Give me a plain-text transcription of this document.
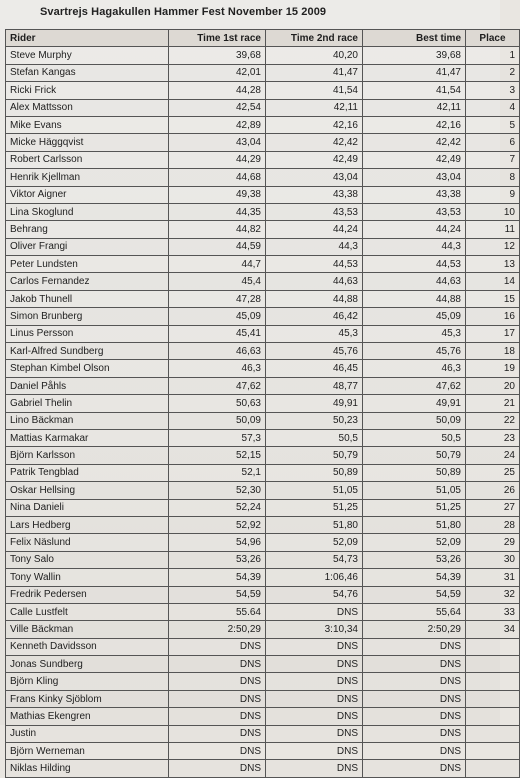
Svartrejs Hagakullen Hammer Fest November 15 2009
Rider	Time 1st race	Time 2nd race	Best time	Place
Steve Murphy	39,68	40,20	39,68	1
Stefan Kangas	42,01	41,47	41,47	2
Ricki Frick	44,28	41,54	41,54	3
Alex Mattsson	42,54	42,11	42,11	4
Mike Evans	42,89	42,16	42,16	5
Micke Häggqvist	43,04	42,42	42,42	6
Robert Carlsson	44,29	42,49	42,49	7
Henrik Kjellman	44,68	43,04	43,04	8
Viktor Aigner	49,38	43,38	43,38	9
Lina Skoglund	44,35	43,53	43,53	10
Behrang	44,82	44,24	44,24	11
Oliver Frangi	44,59	44,3	44,3	12
Peter Lundsten	44,7	44,53	44,53	13
Carlos Fernandez	45,4	44,63	44,63	14
Jakob Thunell	47,28	44,88	44,88	15
Simon Brunberg	45,09	46,42	45,09	16
Linus Persson	45,41	45,3	45,3	17
Karl-Alfred Sundberg	46,63	45,76	45,76	18
Stephan Kimbel Olson	46,3	46,45	46,3	19
Daniel Påhls	47,62	48,77	47,62	20
Gabriel Thelin	50,63	49,91	49,91	21
Lino Bäckman	50,09	50,23	50,09	22
Mattias Karmakar	57,3	50,5	50,5	23
Björn Karlsson	52,15	50,79	50,79	24
Patrik Tengblad	52,1	50,89	50,89	25
Oskar Hellsing	52,30	51,05	51,05	26
Nina Danieli	52,24	51,25	51,25	27
Lars Hedberg	52,92	51,80	51,80	28
Felix Näslund	54,96	52,09	52,09	29
Tony Salo	53,26	54,73	53,26	30
Tony Wallin	54,39	1:06,46	54,39	31
Fredrik Pedersen	54,59	54,76	54,59	32
Calle Lustfelt	55.64	DNS	55,64	33
Ville Bäckman	2:50,29	3:10,34	2:50,29	34
Kenneth Davidsson	DNS	DNS	DNS	
Jonas Sundberg	DNS	DNS	DNS	
Björn Kling	DNS	DNS	DNS	
Frans Kinky Sjöblom	DNS	DNS	DNS	
Mathias Ekengren	DNS	DNS	DNS	
Justin	DNS	DNS	DNS	
Björn Werneman	DNS	DNS	DNS	
Niklas Hilding	DNS	DNS	DNS	
